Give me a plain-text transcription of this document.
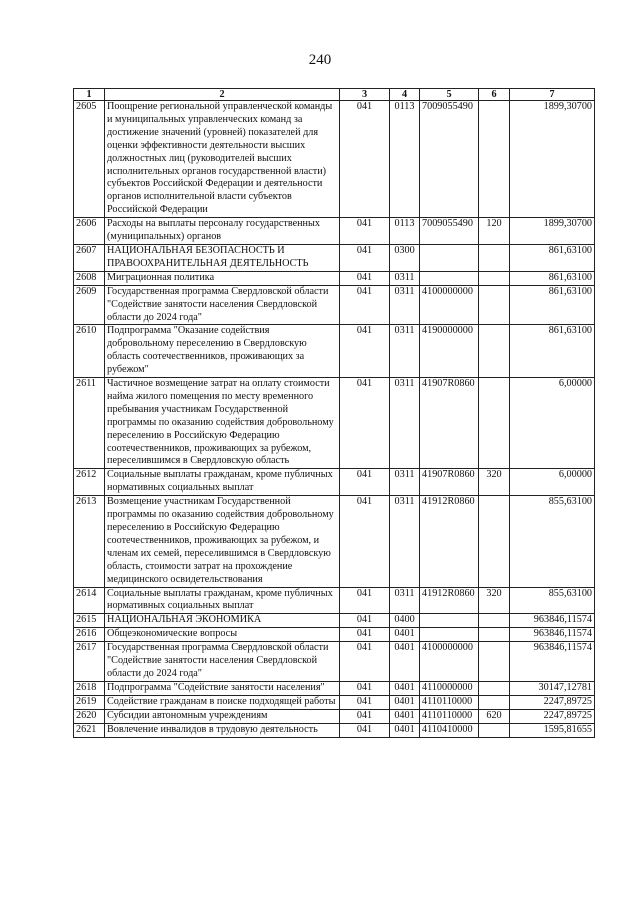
240
1	2	3	4	5	6	7
2605	Поощрение региональной управленческой команды и муниципальных управленческих команд за достижение значений (уровней) показателей для оценки эффективности деятельности высших должностных лиц (руководителей высших исполнительных органов государственной власти) субъектов Российской Федерации и деятельности органов исполнительной власти субъектов Российской Федерации	041	0113	7009055490		1899,30700
2606	Расходы на выплаты персоналу государственных (муниципальных) органов	041	0113	7009055490	120	1899,30700
2607	НАЦИОНАЛЬНАЯ БЕЗОПАСНОСТЬ И ПРАВООХРАНИТЕЛЬНАЯ ДЕЯТЕЛЬНОСТЬ	041	0300			861,63100
2608	Миграционная политика	041	0311			861,63100
2609	Государственная программа Свердловской области "Содействие занятости населения Свердловской области до 2024 года"	041	0311	4100000000		861,63100
2610	Подпрограмма "Оказание содействия добровольному переселению в Свердловскую область соотечественников, проживающих за рубежом"	041	0311	4190000000		861,63100
2611	Частичное возмещение затрат на оплату стоимости найма жилого помещения по месту временного пребывания участникам Государственной программы по оказанию содействия добровольному переселению в Российскую Федерацию соотечественников, проживающих за рубежом, переселившимся в Свердловскую область	041	0311	41907R0860		6,00000
2612	Социальные выплаты гражданам, кроме публичных нормативных социальных выплат	041	0311	41907R0860	320	6,00000
2613	Возмещение участникам Государственной программы по оказанию содействия добровольному переселению в Российскую Федерацию соотечественников, проживающих за рубежом, и членам их семей, переселившимся в Свердловскую область, стоимости затрат на прохождение медицинского освидетельствования	041	0311	41912R0860		855,63100
2614	Социальные выплаты гражданам, кроме публичных нормативных социальных выплат	041	0311	41912R0860	320	855,63100
2615	НАЦИОНАЛЬНАЯ ЭКОНОМИКА	041	0400			963846,11574
2616	Общеэкономические вопросы	041	0401			963846,11574
2617	Государственная программа Свердловской области "Содействие занятости населения Свердловской области до 2024 года"	041	0401	4100000000		963846,11574
2618	Подпрограмма "Содействие занятости населения"	041	0401	4110000000		30147,12781
2619	Содействие гражданам в поиске подходящей работы	041	0401	4110110000		2247,89725
2620	Субсидии автономным учреждениям	041	0401	4110110000	620	2247,89725
2621	Вовлечение инвалидов в трудовую деятельность	041	0401	4110410000		1595,81655
